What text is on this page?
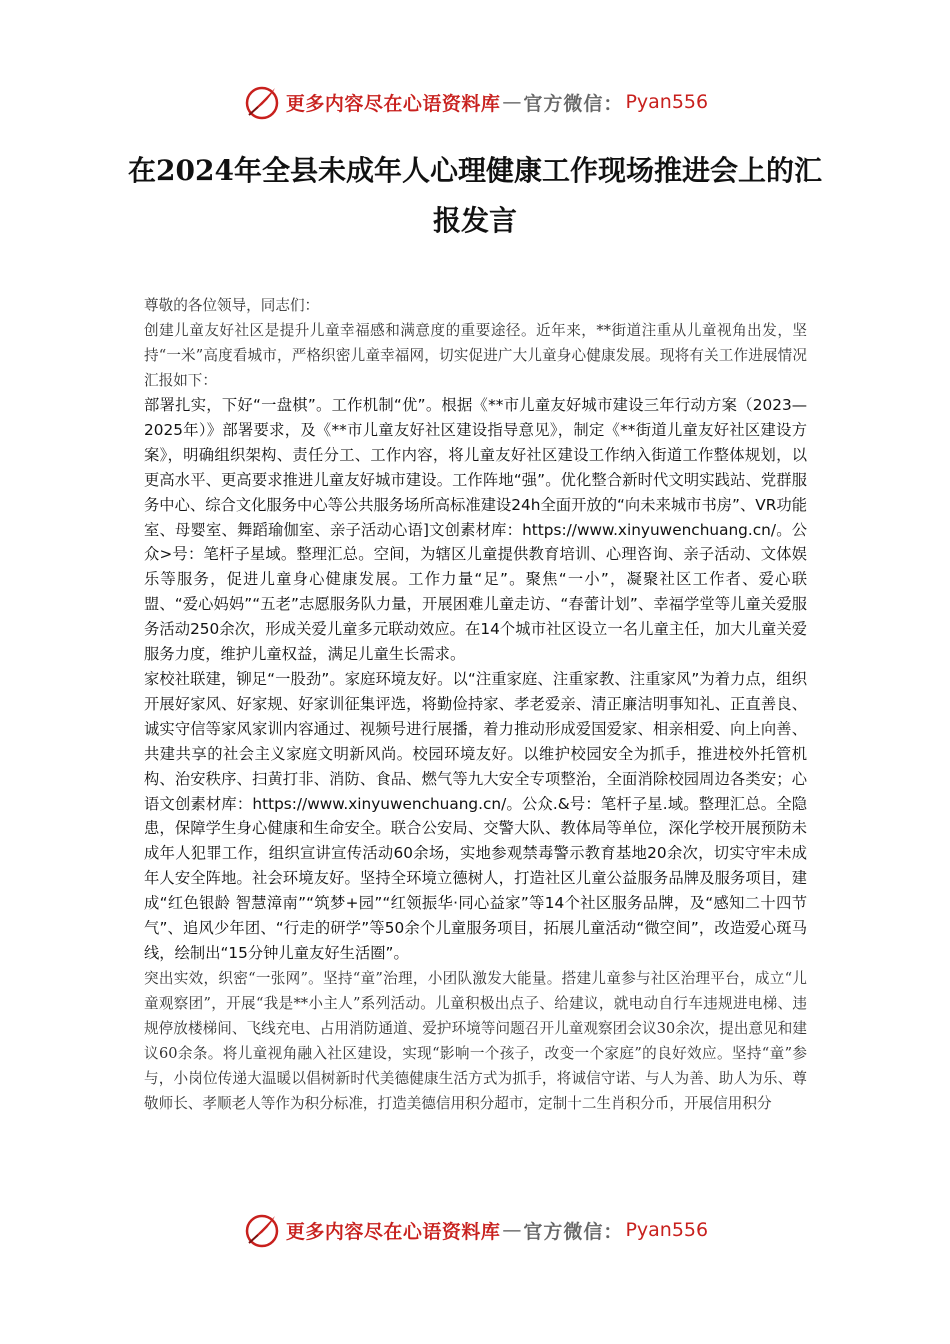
更多内容尽在心语资料库 — 官方微信： Pyan556
在2024年全县未成年人心理健康工作现场推进会上的汇报发言

尊敬的各位领导，同志们：

创建儿童友好社区是提升儿童幸福感和满意度的重要途径。近年来，**街道注重从儿童视角出发，坚持“一米”高度看城市，严格织密儿童幸福网，切实促进广大儿童身心健康发展。现将有关工作进展情况汇报如下：

部署扎实，下好“一盘棋”。工作机制“优”。根据《**市儿童友好城市建设三年行动方案（2023—2025年）》部署要求，及《**市儿童友好社区建设指导意见》，制定《**街道儿童友好社区建设方案》，明确组织架构、责任分工、工作内容，将儿童友好社区建设工作纳入街道工作整体规划，以更高水平、更高要求推进儿童友好城市建设。工作阵地“强”。优化整合新时代文明实践站、党群服务中心、综合文化服务中心等公共服务场所高标准建设24h全面开放的“向未来城市书房”、VR功能室、母婴室、舞蹈瑜伽室、亲子活动心语]文创素材库：https://www.xinyuwenchuang.cn/。公众>号：笔杆子星域。整理汇总。空间，为辖区儿童提供教育培训、心理咨询、亲子活动、文体娱乐等服务，促进儿童身心健康发展。工作力量“足”。聚焦“一小”，凝聚社区工作者、爱心联盟、“爱心妈妈”“五老”志愿服务队力量，开展困难儿童走访、“春蕾计划”、幸福学堂等儿童关爱服务活动250余次，形成关爱儿童多元联动效应。在14个城市社区设立一名儿童主任，加大儿童关爱服务力度，维护儿童权益，满足儿童生长需求。

家校社联建，铆足“一股劲”。家庭环境友好。以“注重家庭、注重家教、注重家风”为着力点，组织开展好家风、好家规、好家训征集评选，将勤俭持家、孝老爱亲、清正廉洁明事知礼、正直善良、诚实守信等家风家训内容通过、视频号进行展播，着力推动形成爱国爱家、相亲相爱、向上向善、共建共享的社会主义家庭文明新风尚。校园环境友好。以维护校园安全为抓手，推进校外托管机构、治安秩序、扫黄打非、消防、食品、燃气等九大安全专项整治，全面消除校园周边各类安；心语文创素材库：https://www.xinyuwenchuang.cn/。公众.&号：笔杆子星.域。整理汇总。全隐患，保障学生身心健康和生命安全。联合公安局、交警大队、教体局等单位，深化学校开展预防未成年人犯罪工作，组织宣讲宣传活动60余场，实地参观禁毒警示教育基地20余次，切实守牢未成年人安全阵地。社会环境友好。坚持全环境立德树人，打造社区儿童公益服务品牌及服务项目，建成“红色银龄 智慧漳南”“筑梦+园”“红领振华·同心益家”等14个社区服务品牌，及“感知二十四节气”、追风少年团、“行走的研学”等50余个儿童服务项目，拓展儿童活动“微空间”，改造爱心斑马线，绘制出“15分钟儿童友好生活圈”。

突出实效，织密“一张网”。坚持“童”治理，小团队激发大能量。搭建儿童参与社区治理平台，成立“儿童观察团”，开展“我是**小主人”系列活动。儿童积极出点子、给建议，就电动自行车违规进电梯、违规停放楼梯间、飞线充电、占用消防通道、爱护环境等问题召开儿童观察团会议30余次，提出意见和建议60余条。将儿童视角融入社区建设，实现“影响一个孩子，改变一个家庭”的良好效应。坚持“童”参与，小岗位传递大温暖以倡树新时代美德健康生活方式为抓手，将诚信守诺、与人为善、助人为乐、尊敬师长、孝顺老人等作为积分标准，打造美德信用积分超市，定制十二生肖积分币，开展信用积分

更多内容尽在心语资料库 — 官方微信： Pyan556
